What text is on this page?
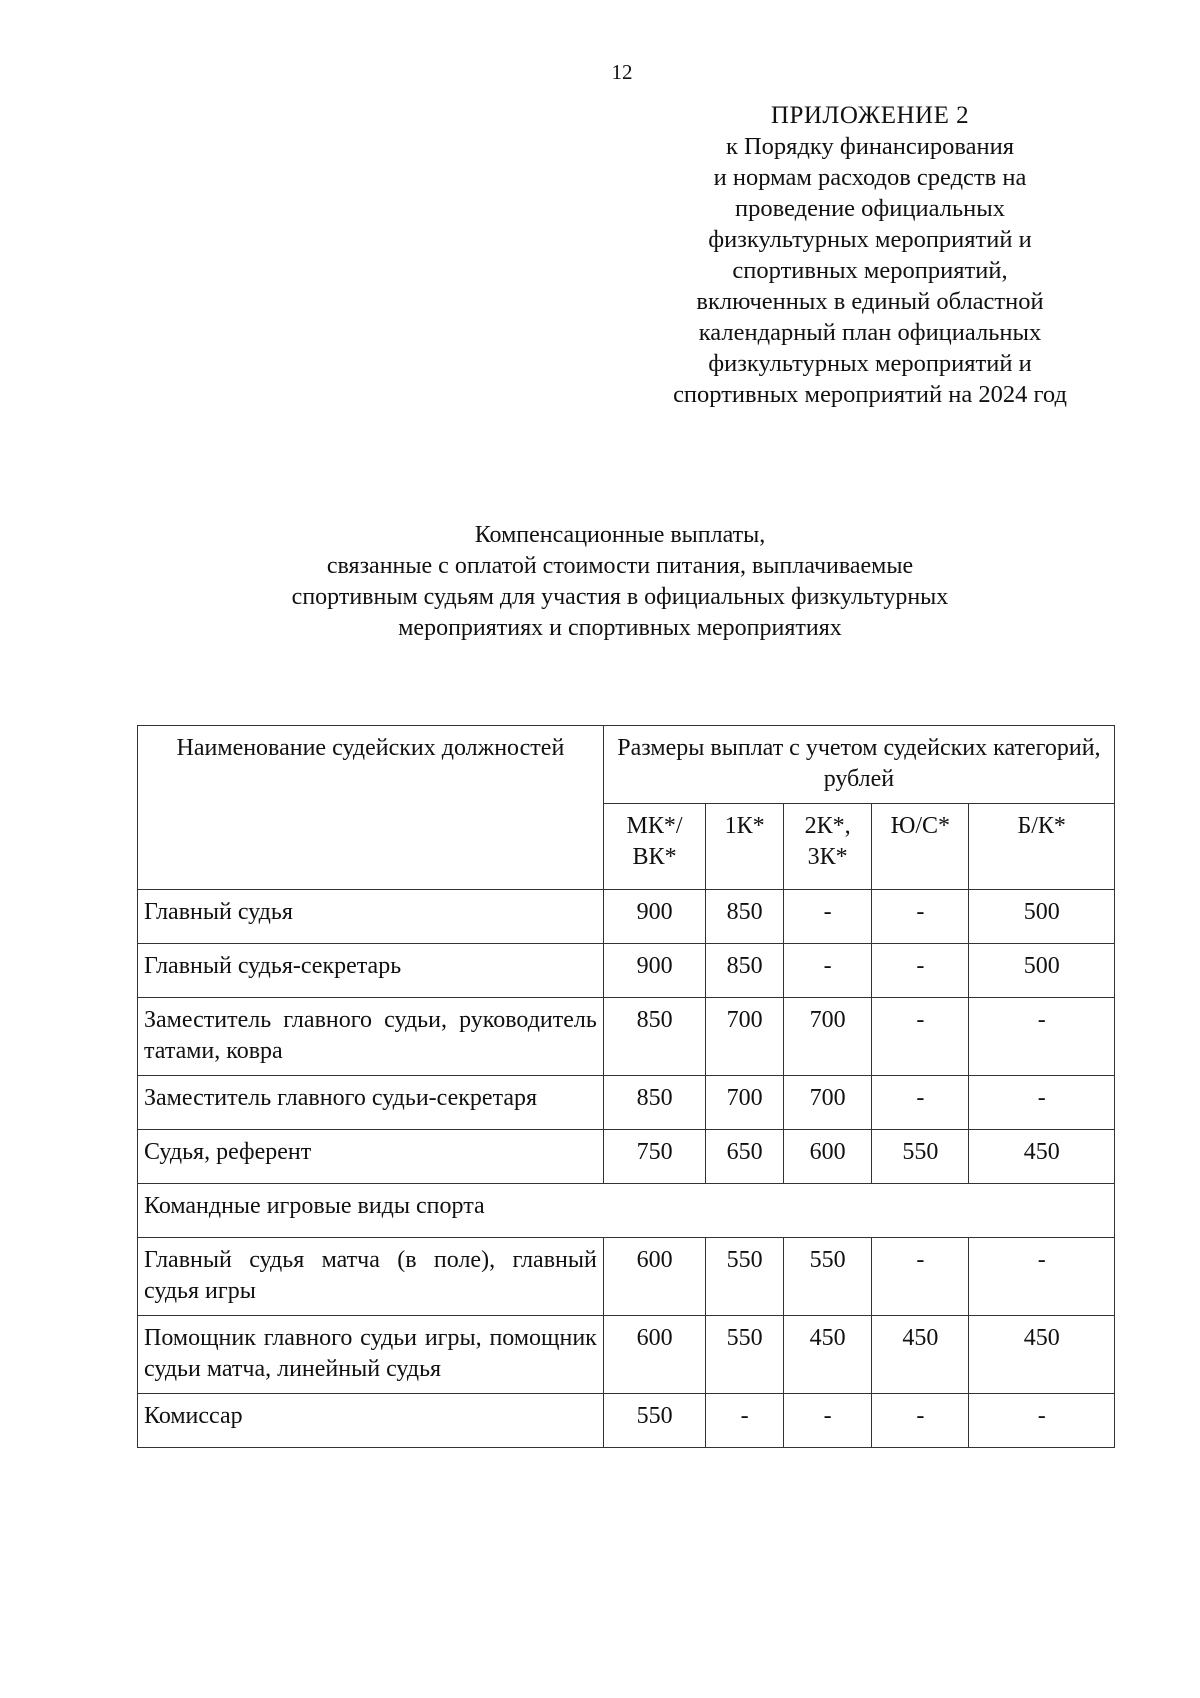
12
ПРИЛОЖЕНИЕ 2
к Порядку финансирования
и нормам расходов средств на
проведение официальных
физкультурных мероприятий и
спортивных мероприятий,
включенных в единый областной
календарный план официальных
физкультурных мероприятий и
спортивных мероприятий на 2024 год
Компенсационные выплаты,
связанные с оплатой стоимости питания, выплачиваемые
спортивным судьям для участия в официальных физкультурных
мероприятиях и спортивных мероприятиях
Наименование судейских должностей	Размеры выплат с учетом судейских категорий, рублей				
	МК*/ ВК*	1К*	2К*, 3К*	Ю/С*	Б/К*
Главный судья	900	850	-	-	500
Главный судья-секретарь	900	850	-	-	500
Заместитель главного судьи, руководитель татами, ковра	850	700	700	-	-
Заместитель главного судьи-секретаря	850	700	700	-	-
Судья, референт	750	650	600	550	450
Командные игровые виды спорта					
Главный судья матча (в поле), главный судья игры	600	550	550	-	-
Помощник главного судьи игры, помощник судьи матча, линейный судья	600	550	450	450	450
Комиссар	550	-	-	-	-
